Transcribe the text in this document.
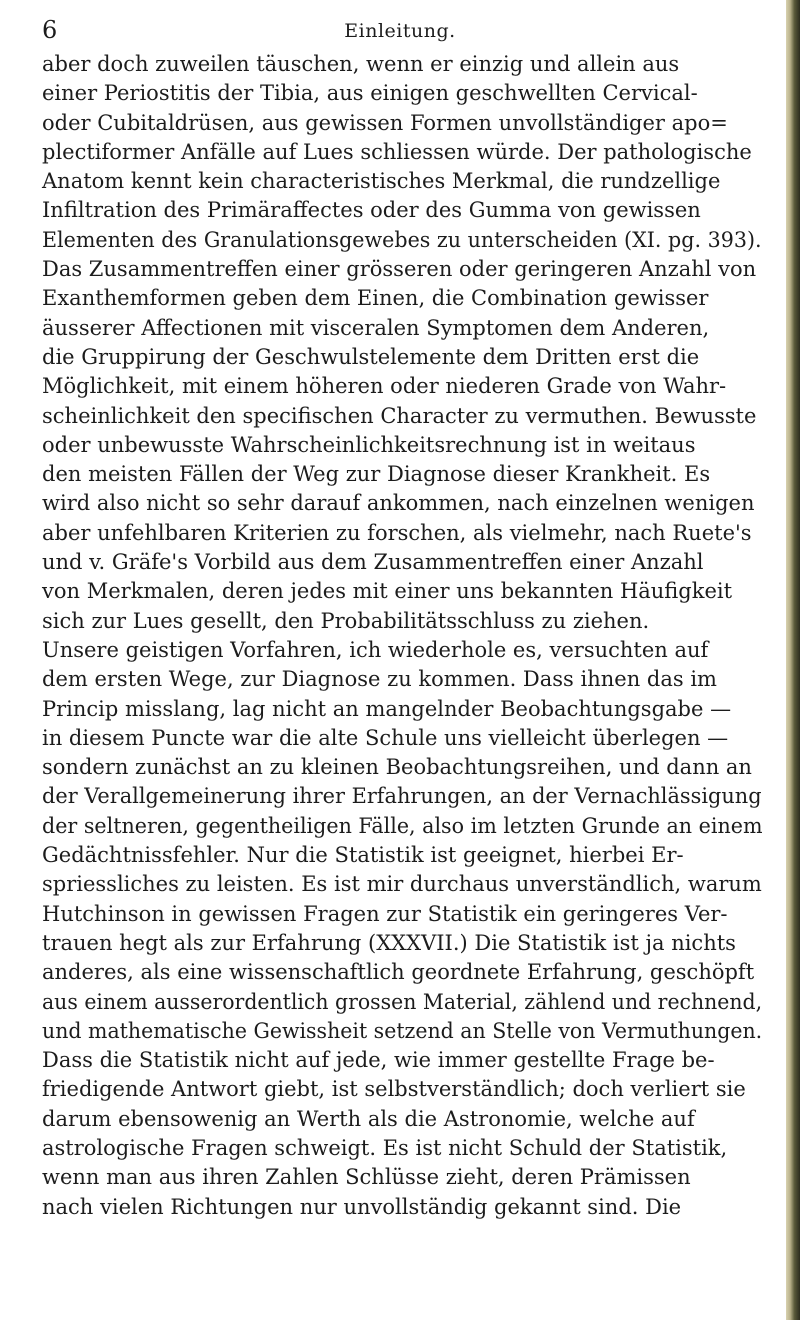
6	Einleitung.
aber doch zuweilen täuschen, wenn er einzig und allein aus
einer Periostitis der Tibia, aus einigen geschwellten Cervical-
oder Cubitaldrüsen, aus gewissen Formen unvollständiger apo=
plectiformer Anfälle auf Lues schliessen würde. Der pathologische
Anatom kennt kein characteristisches Merkmal, die rundzellige
Infiltration des Primäraffectes oder des Gumma von gewissen
Elementen des Granulationsgewebes zu unterscheiden (XI. pg. 393).
Das Zusammentreffen einer grösseren oder geringeren Anzahl von
Exanthemformen geben dem Einen, die Combination gewisser
äusserer Affectionen mit visceralen Symptomen dem Anderen,
die Gruppirung der Geschwulstelemente dem Dritten erst die
Möglichkeit, mit einem höheren oder niederen Grade von Wahr-
scheinlichkeit den specifischen Character zu vermuthen. Bewusste
oder unbewusste Wahrscheinlichkeitsrechnung ist in weitaus
den meisten Fällen der Weg zur Diagnose dieser Krankheit. Es
wird also nicht so sehr darauf ankommen, nach einzelnen wenigen
aber unfehlbaren Kriterien zu forschen, als vielmehr, nach Ruete's
und v. Gräfe's Vorbild aus dem Zusammentreffen einer Anzahl
von Merkmalen, deren jedes mit einer uns bekannten Häufigkeit
sich zur Lues gesellt, den Probabilitätsschluss zu ziehen.
Unsere geistigen Vorfahren, ich wiederhole es, versuchten auf
dem ersten Wege, zur Diagnose zu kommen. Dass ihnen das im
Princip misslang, lag nicht an mangelnder Beobachtungsgabe —
in diesem Puncte war die alte Schule uns vielleicht überlegen —
sondern zunächst an zu kleinen Beobachtungsreihen, und dann an
der Verallgemeinerung ihrer Erfahrungen, an der Vernachlässigung
der seltneren, gegentheiligen Fälle, also im letzten Grunde an einem
Gedächtnissfehler. Nur die Statistik ist geeignet, hierbei Er-
spriessliches zu leisten. Es ist mir durchaus unverständlich, warum
Hutchinson in gewissen Fragen zur Statistik ein geringeres Ver-
trauen hegt als zur Erfahrung (XXXVII.) Die Statistik ist ja nichts
anderes, als eine wissenschaftlich geordnete Erfahrung, geschöpft
aus einem ausserordentlich grossen Material, zählend und rechnend,
und mathematische Gewissheit setzend an Stelle von Vermuthungen.
Dass die Statistik nicht auf jede, wie immer gestellte Frage be-
friedigende Antwort giebt, ist selbstverständlich; doch verliert sie
darum ebensowenig an Werth als die Astronomie, welche auf
astrologische Fragen schweigt. Es ist nicht Schuld der Statistik,
wenn man aus ihren Zahlen Schlüsse zieht, deren Prämissen
nach vielen Richtungen nur unvollständig gekannt sind. Die
